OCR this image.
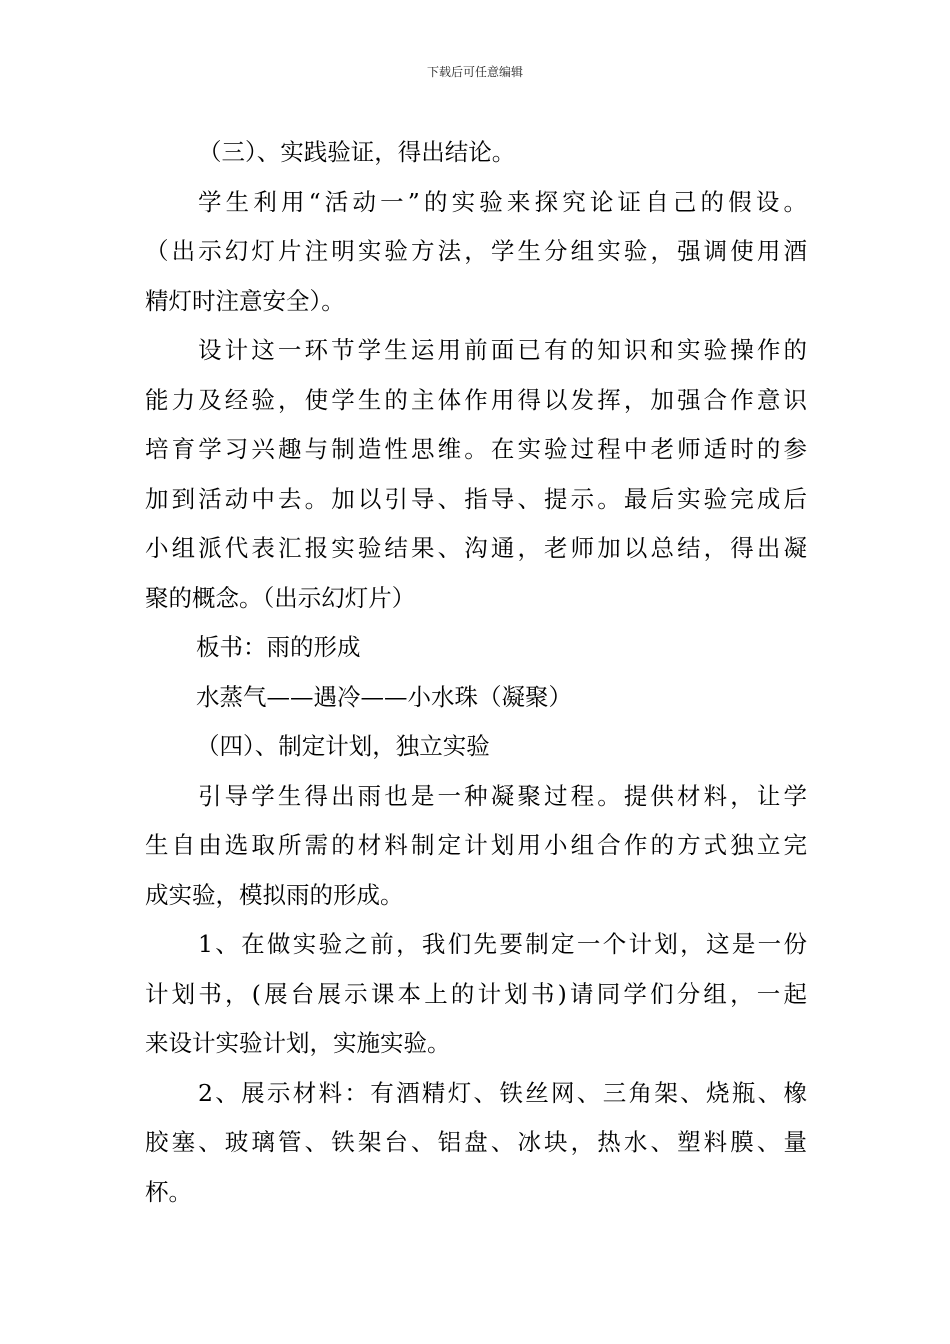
下载后可任意编辑
（三）、实践验证，得出结论。
学生利用“活动一”的实验来探究论证自己的假设。
（出示幻灯片注明实验方法，学生分组实验，强调使用酒
精灯时注意安全）。
设计这一环节学生运用前面已有的知识和实验操作的
能力及经验，使学生的主体作用得以发挥，加强合作意识
培育学习兴趣与制造性思维。在实验过程中老师适时的参
加到活动中去。加以引导、指导、提示。最后实验完成后
小组派代表汇报实验结果、沟通，老师加以总结，得出凝
聚的概念。（出示幻灯片）
板书：雨的形成
水蒸气——遇冷——小水珠（凝聚）
（四）、制定计划，独立实验
引导学生得出雨也是一种凝聚过程。提供材料，让学
生自由选取所需的材料制定计划用小组合作的方式独立完
成实验，模拟雨的形成。
1、在做实验之前，我们先要制定一个计划，这是一份
计划书，(展台展示课本上的计划书)请同学们分组，一起
来设计实验计划，实施实验。
2、展示材料：有酒精灯、铁丝网、三角架、烧瓶、橡
胶塞、玻璃管、铁架台、铝盘、冰块，热水、塑料膜、量
杯。
